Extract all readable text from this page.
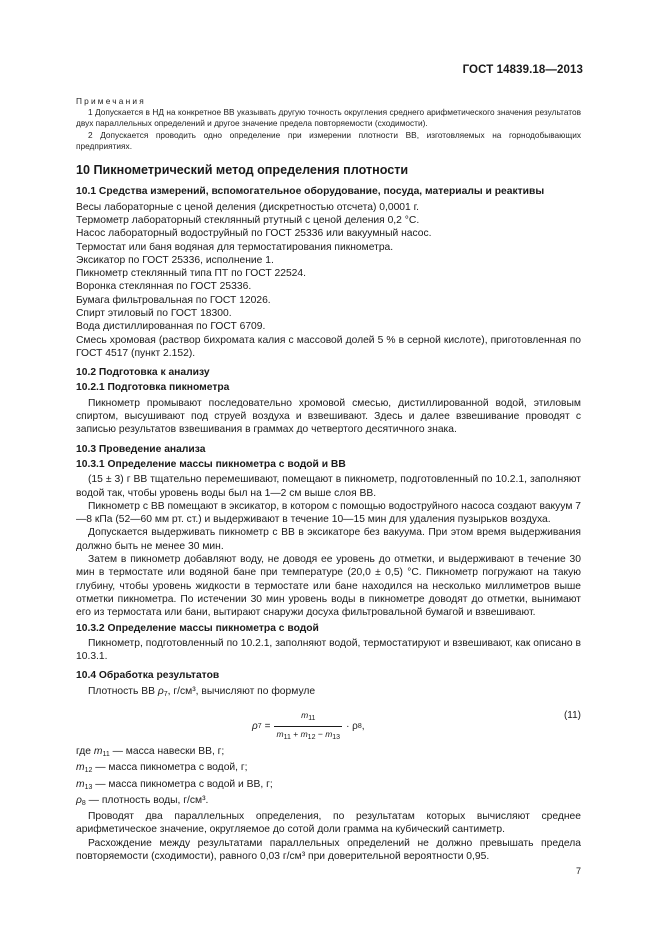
ГОСТ 14839.18—2013
Примечания

1 Допускается в НД на конкретное ВВ указывать другую точность округления среднего арифметического значения результатов двух параллельных определений и другое значение предела повторяемости (сходимости).

2 Допускается проводить одно определение при измерении плотности ВВ, изготовляемых на горнодобывающих предприятиях.

10 Пикнометрический метод определения плотности
10.1 Средства измерений, вспомогательное оборудование, посуда, материалы и реактивы

Весы лабораторные с ценой деления (дискретностью отсчета) 0,0001 г.

Термометр лабораторный стеклянный ртутный с ценой деления 0,2 °С.

Насос лабораторный водоструйный по ГОСТ 25336 или вакуумный насос.

Термостат или баня водяная для термостатирования пикнометра.

Эксикатор по ГОСТ 25336, исполнение 1.

Пикнометр стеклянный типа ПТ по ГОСТ 22524.

Воронка стеклянная по ГОСТ 25336.

Бумага фильтровальная по ГОСТ 12026.

Спирт этиловый по ГОСТ 18300.

Вода дистиллированная по ГОСТ 6709.

Смесь хромовая (раствор бихромата калия с массовой долей 5 % в серной кислоте), приготовленная по ГОСТ 4517 (пункт 2.152).

10.2 Подготовка к анализу
10.2.1 Подготовка пикнометра

Пикнометр промывают последовательно хромовой смесью, дистиллированной водой, этиловым спиртом, высушивают под струей воздуха и взвешивают. Здесь и далее взвешивание проводят с записью результатов взвешивания в граммах до четвертого десятичного знака.

10.3 Проведение анализа
10.3.1 Определение массы пикнометра с водой и ВВ

(15 ± 3) г ВВ тщательно перемешивают, помещают в пикнометр, подготовленный по 10.2.1, заполняют водой так, чтобы уровень воды был на 1—2 см выше слоя ВВ.

Пикнометр с ВВ помещают в эксикатор, в котором с помощью водоструйного насоса создают вакуум 7—8 кПа (52—60 мм рт. ст.) и выдерживают в течение 10—15 мин для удаления пузырьков воздуха.

Допускается выдерживать пикнометр с ВВ в эксикаторе без вакуума. При этом время выдерживания должно быть не менее 30 мин.

Затем в пикнометр добавляют воду, не доводя ее уровень до отметки, и выдерживают в течение 30 мин в термостате или водяной бане при температуре (20,0 ± 0,5) °С. Пикнометр погружают на такую глубину, чтобы уровень жидкости в термостате или бане находился на несколько миллиметров выше отметки пикнометра. По истечении 30 мин уровень воды в пикнометре доводят до отметки, вынимают его из термостата или бани, вытирают снаружи досуха фильтровальной бумагой и взвешивают.

10.3.2 Определение массы пикнометра с водой

Пикнометр, подготовленный по 10.2.1, заполняют водой, термостатируют и взвешивают, как описано в 10.3.1.

10.4 Обработка результатов

Плотность ВВ $\rho_7$, г/см³, вычисляют по формуле

ρ $7 = \frac{m_{11}}{m_{11} + m_{12} - m_{13}} \cdot \rho$ 8 ,
(11)

где $m_{11}$ — масса навески ВВ, г;

$m_{12}$ — масса пикнометра с водой, г;

$m_{13}$ — масса пикнометра с водой и ВВ, г;

$\rho_8$ — плотность воды, г/см³.

Проводят два параллельных определения, по результатам которых вычисляют среднее арифметическое значение, округляемое до сотой доли грамма на кубический сантиметр.

Расхождение между результатами параллельных определений не должно превышать предела повторяемости (сходимости), равного 0,03 г/см³ при доверительной вероятности 0,95.

7
